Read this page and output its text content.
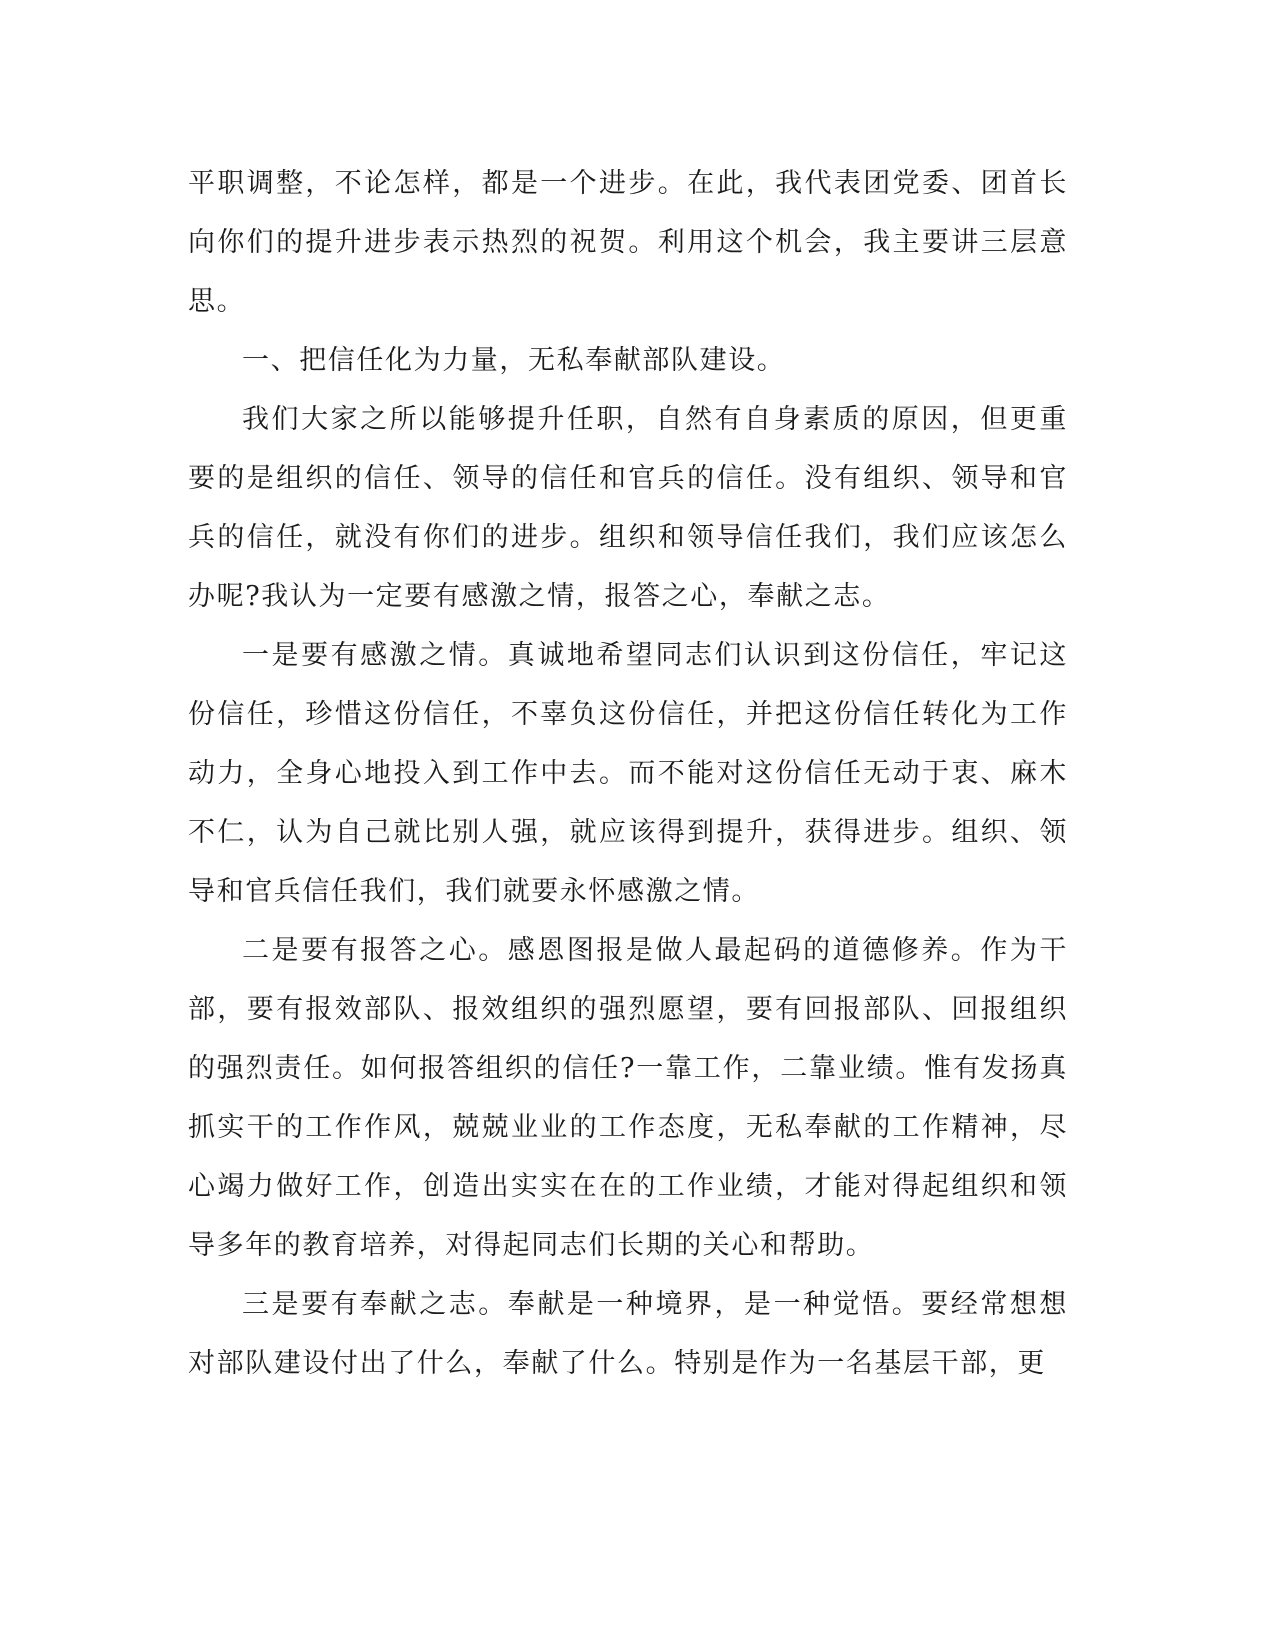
平职调整，不论怎样，都是一个进步。在此，我代表团党委、团首长向你们的提升进步表示热烈的祝贺。利用这个机会，我主要讲三层意思。

一、把信任化为力量，无私奉献部队建设。

我们大家之所以能够提升任职，自然有自身素质的原因，但更重要的是组织的信任、领导的信任和官兵的信任。没有组织、领导和官兵的信任，就没有你们的进步。组织和领导信任我们，我们应该怎么办呢?我认为一定要有感激之情，报答之心，奉献之志。

一是要有感激之情。真诚地希望同志们认识到这份信任，牢记这份信任，珍惜这份信任，不辜负这份信任，并把这份信任转化为工作动力，全身心地投入到工作中去。而不能对这份信任无动于衷、麻木不仁，认为自己就比别人强，就应该得到提升，获得进步。组织、领导和官兵信任我们，我们就要永怀感激之情。

二是要有报答之心。感恩图报是做人最起码的道德修养。作为干部，要有报效部队、报效组织的强烈愿望，要有回报部队、回报组织的强烈责任。如何报答组织的信任?一靠工作，二靠业绩。惟有发扬真抓实干的工作作风，兢兢业业的工作态度，无私奉献的工作精神，尽心竭力做好工作，创造出实实在在的工作业绩，才能对得起组织和领导多年的教育培养，对得起同志们长期的关心和帮助。

三是要有奉献之志。奉献是一种境界，是一种觉悟。要经常想想对部队建设付出了什么，奉献了什么。特别是作为一名基层干部，更
